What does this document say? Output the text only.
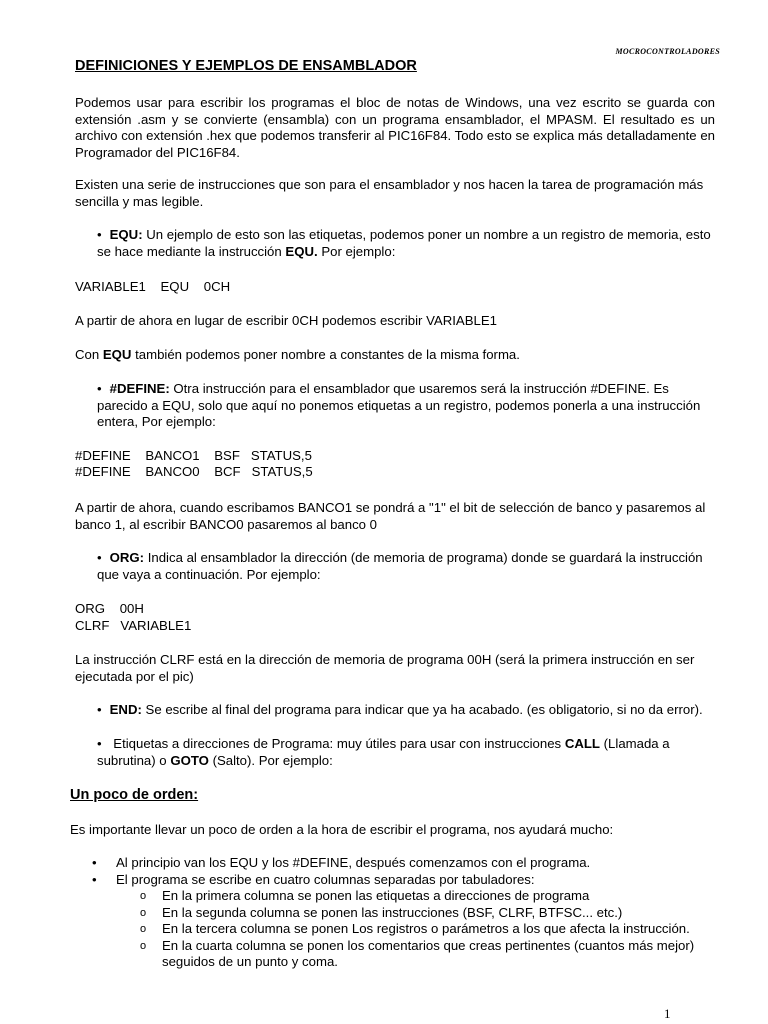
MOCROCONTROLADORES
DEFINICIONES Y EJEMPLOS DE ENSAMBLADOR
Podemos usar para escribir los programas el bloc de notas de Windows, una vez escrito se guarda con extensión .asm y se convierte (ensambla) con un programa ensamblador, el MPASM. El resultado es un archivo con extensión .hex que podemos transferir al PIC16F84. Todo esto se explica más detalladamente en Programador del PIC16F84.
Existen una serie de instrucciones que son para el ensamblador y nos hacen la tarea de programación más sencilla y mas legible.
• EQU: Un ejemplo de esto son las etiquetas, podemos poner un nombre a un registro de memoria, esto se hace mediante la instrucción EQU. Por ejemplo:
VARIABLE1    EQU    0CH
A partir de ahora en lugar de escribir 0CH podemos escribir VARIABLE1
Con EQU también podemos poner nombre a constantes de la misma forma.
• #DEFINE: Otra instrucción para el ensamblador que usaremos será la instrucción #DEFINE. Es parecido a EQU, solo que aquí no ponemos etiquetas a un registro, podemos ponerla a una instrucción entera, Por ejemplo:
#DEFINE    BANCO1    BSF   STATUS,5
#DEFINE    BANCO0    BCF   STATUS,5
A partir de ahora, cuando escribamos BANCO1 se pondrá a "1" el bit de selección de banco y pasaremos al banco 1, al escribir BANCO0 pasaremos al banco 0
• ORG: Indica al ensamblador la dirección (de memoria de programa) donde se guardará la instrucción que vaya a continuación. Por ejemplo:
ORG    00H
CLRF   VARIABLE1
La instrucción CLRF está en la dirección de memoria de programa 00H (será la primera instrucción en ser ejecutada por el pic)
• END: Se escribe al final del programa para indicar que ya ha acabado. (es obligatorio, si no da error).
• Etiquetas a direcciones de Programa: muy útiles para usar con instrucciones CALL (Llamada a subrutina) o GOTO (Salto). Por ejemplo:
Un poco de orden:
Es importante llevar un poco de orden a la hora de escribir el programa, nos ayudará mucho:
• Al principio van los EQU y los #DEFINE, después comenzamos con el programa.
• El programa se escribe en cuatro columnas separadas por tabuladores:
o En la primera columna se ponen las etiquetas a direcciones de programa
o En la segunda columna se ponen las instrucciones (BSF, CLRF, BTFSC... etc.)
o En la tercera columna se ponen Los registros o parámetros a los que afecta la instrucción.
o En la cuarta columna se ponen los comentarios que creas pertinentes (cuantos más mejor) seguidos de un punto y coma.
1
